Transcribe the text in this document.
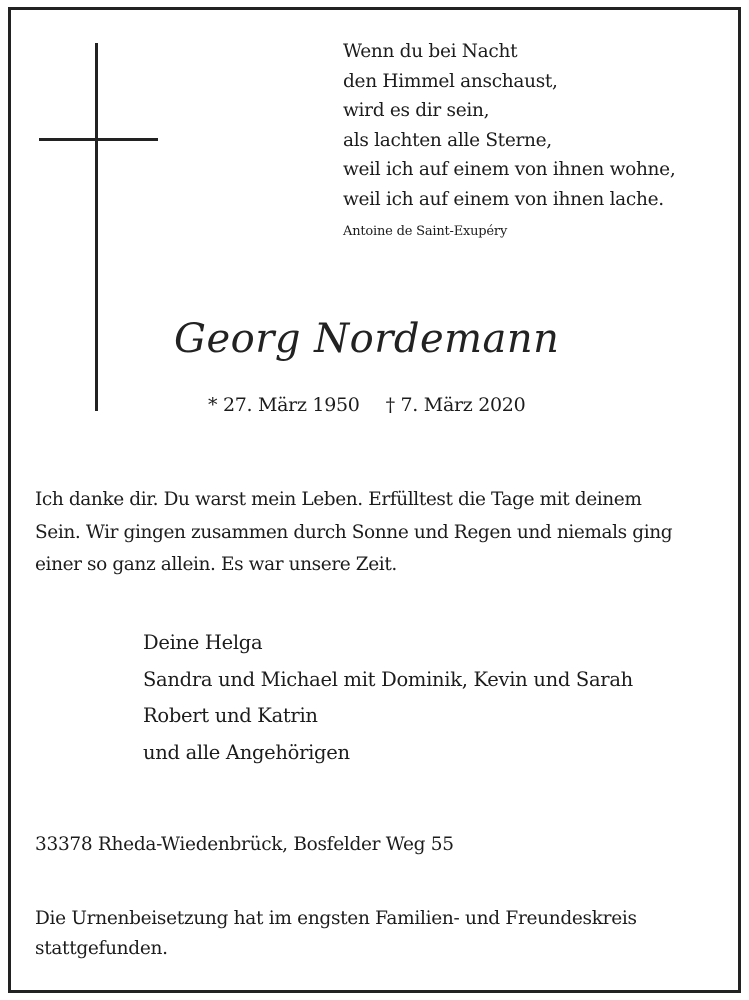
Wenn du bei Nacht
den Himmel anschaust,
wird es dir sein,
als lachten alle Sterne,
weil ich auf einem von ihnen wohne,
weil ich auf einem von ihnen lache.
Antoine de Saint-Exupéry
Georg Nordemann
* 27. März 1950 † 7. März 2020
Ich danke dir. Du warst mein Leben. Erfülltest die Tage mit deinem
Sein. Wir gingen zusammen durch Sonne und Regen und niemals ging
einer so ganz allein. Es war unsere Zeit.
Deine Helga
Sandra und Michael mit Dominik, Kevin und Sarah
Robert und Katrin
und alle Angehörigen
33378 Rheda-Wiedenbrück, Bosfelder Weg 55
Die Urnenbeisetzung hat im engsten Familien- und Freundeskreis
stattgefunden.
